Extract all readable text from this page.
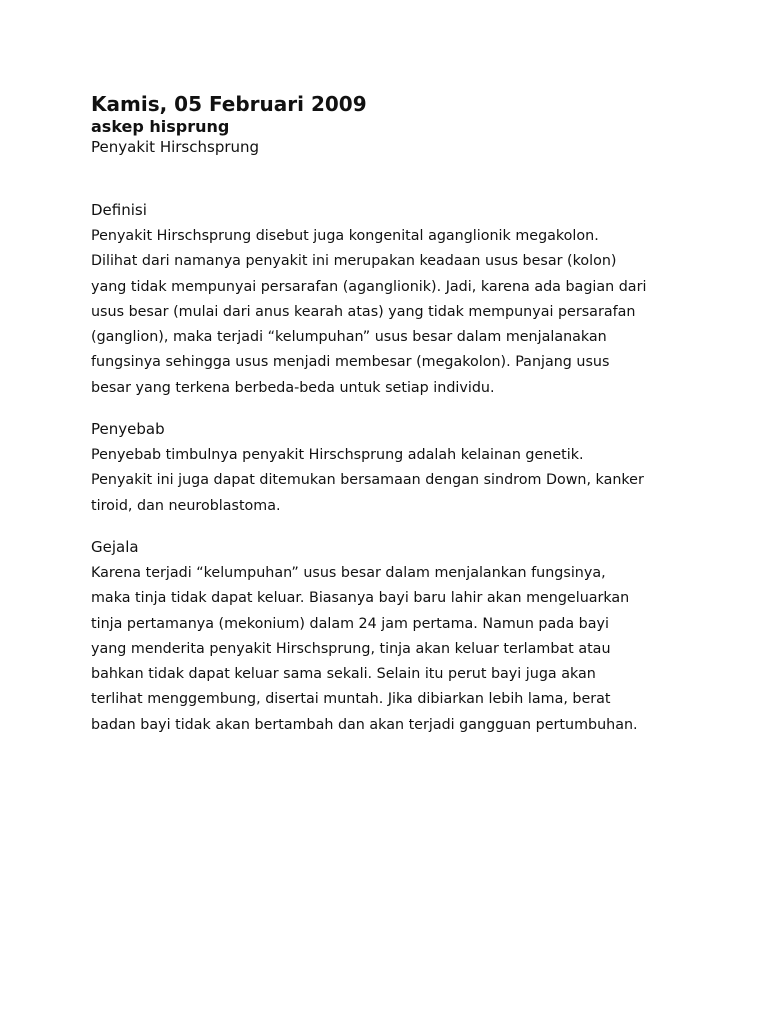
Kamis, 05 Februari 2009
askep hisprung
Penyakit Hirschsprung
Definisi

Penyakit Hirschsprung disebut juga kongenital aganglionik megakolon.
Dilihat dari namanya penyakit ini merupakan keadaan usus besar (kolon)
yang tidak mempunyai persarafan (aganglionik). Jadi, karena ada bagian dari
usus besar (mulai dari anus kearah atas) yang tidak mempunyai persarafan
(ganglion), maka terjadi “kelumpuhan” usus besar dalam menjalanakan
fungsinya sehingga usus menjadi membesar (megakolon). Panjang usus
besar yang terkena berbeda-beda untuk setiap individu.

Penyebab

Penyebab timbulnya penyakit Hirschsprung adalah kelainan genetik.
Penyakit ini juga dapat ditemukan bersamaan dengan sindrom Down, kanker
tiroid, dan neuroblastoma.

Gejala

Karena terjadi “kelumpuhan” usus besar dalam menjalankan fungsinya,
maka tinja tidak dapat keluar. Biasanya bayi baru lahir akan mengeluarkan
tinja pertamanya (mekonium) dalam 24 jam pertama. Namun pada bayi
yang menderita penyakit Hirschsprung, tinja akan keluar terlambat atau
bahkan tidak dapat keluar sama sekali. Selain itu perut bayi juga akan
terlihat menggembung, disertai muntah. Jika dibiarkan lebih lama, berat
badan bayi tidak akan bertambah dan akan terjadi gangguan pertumbuhan.
